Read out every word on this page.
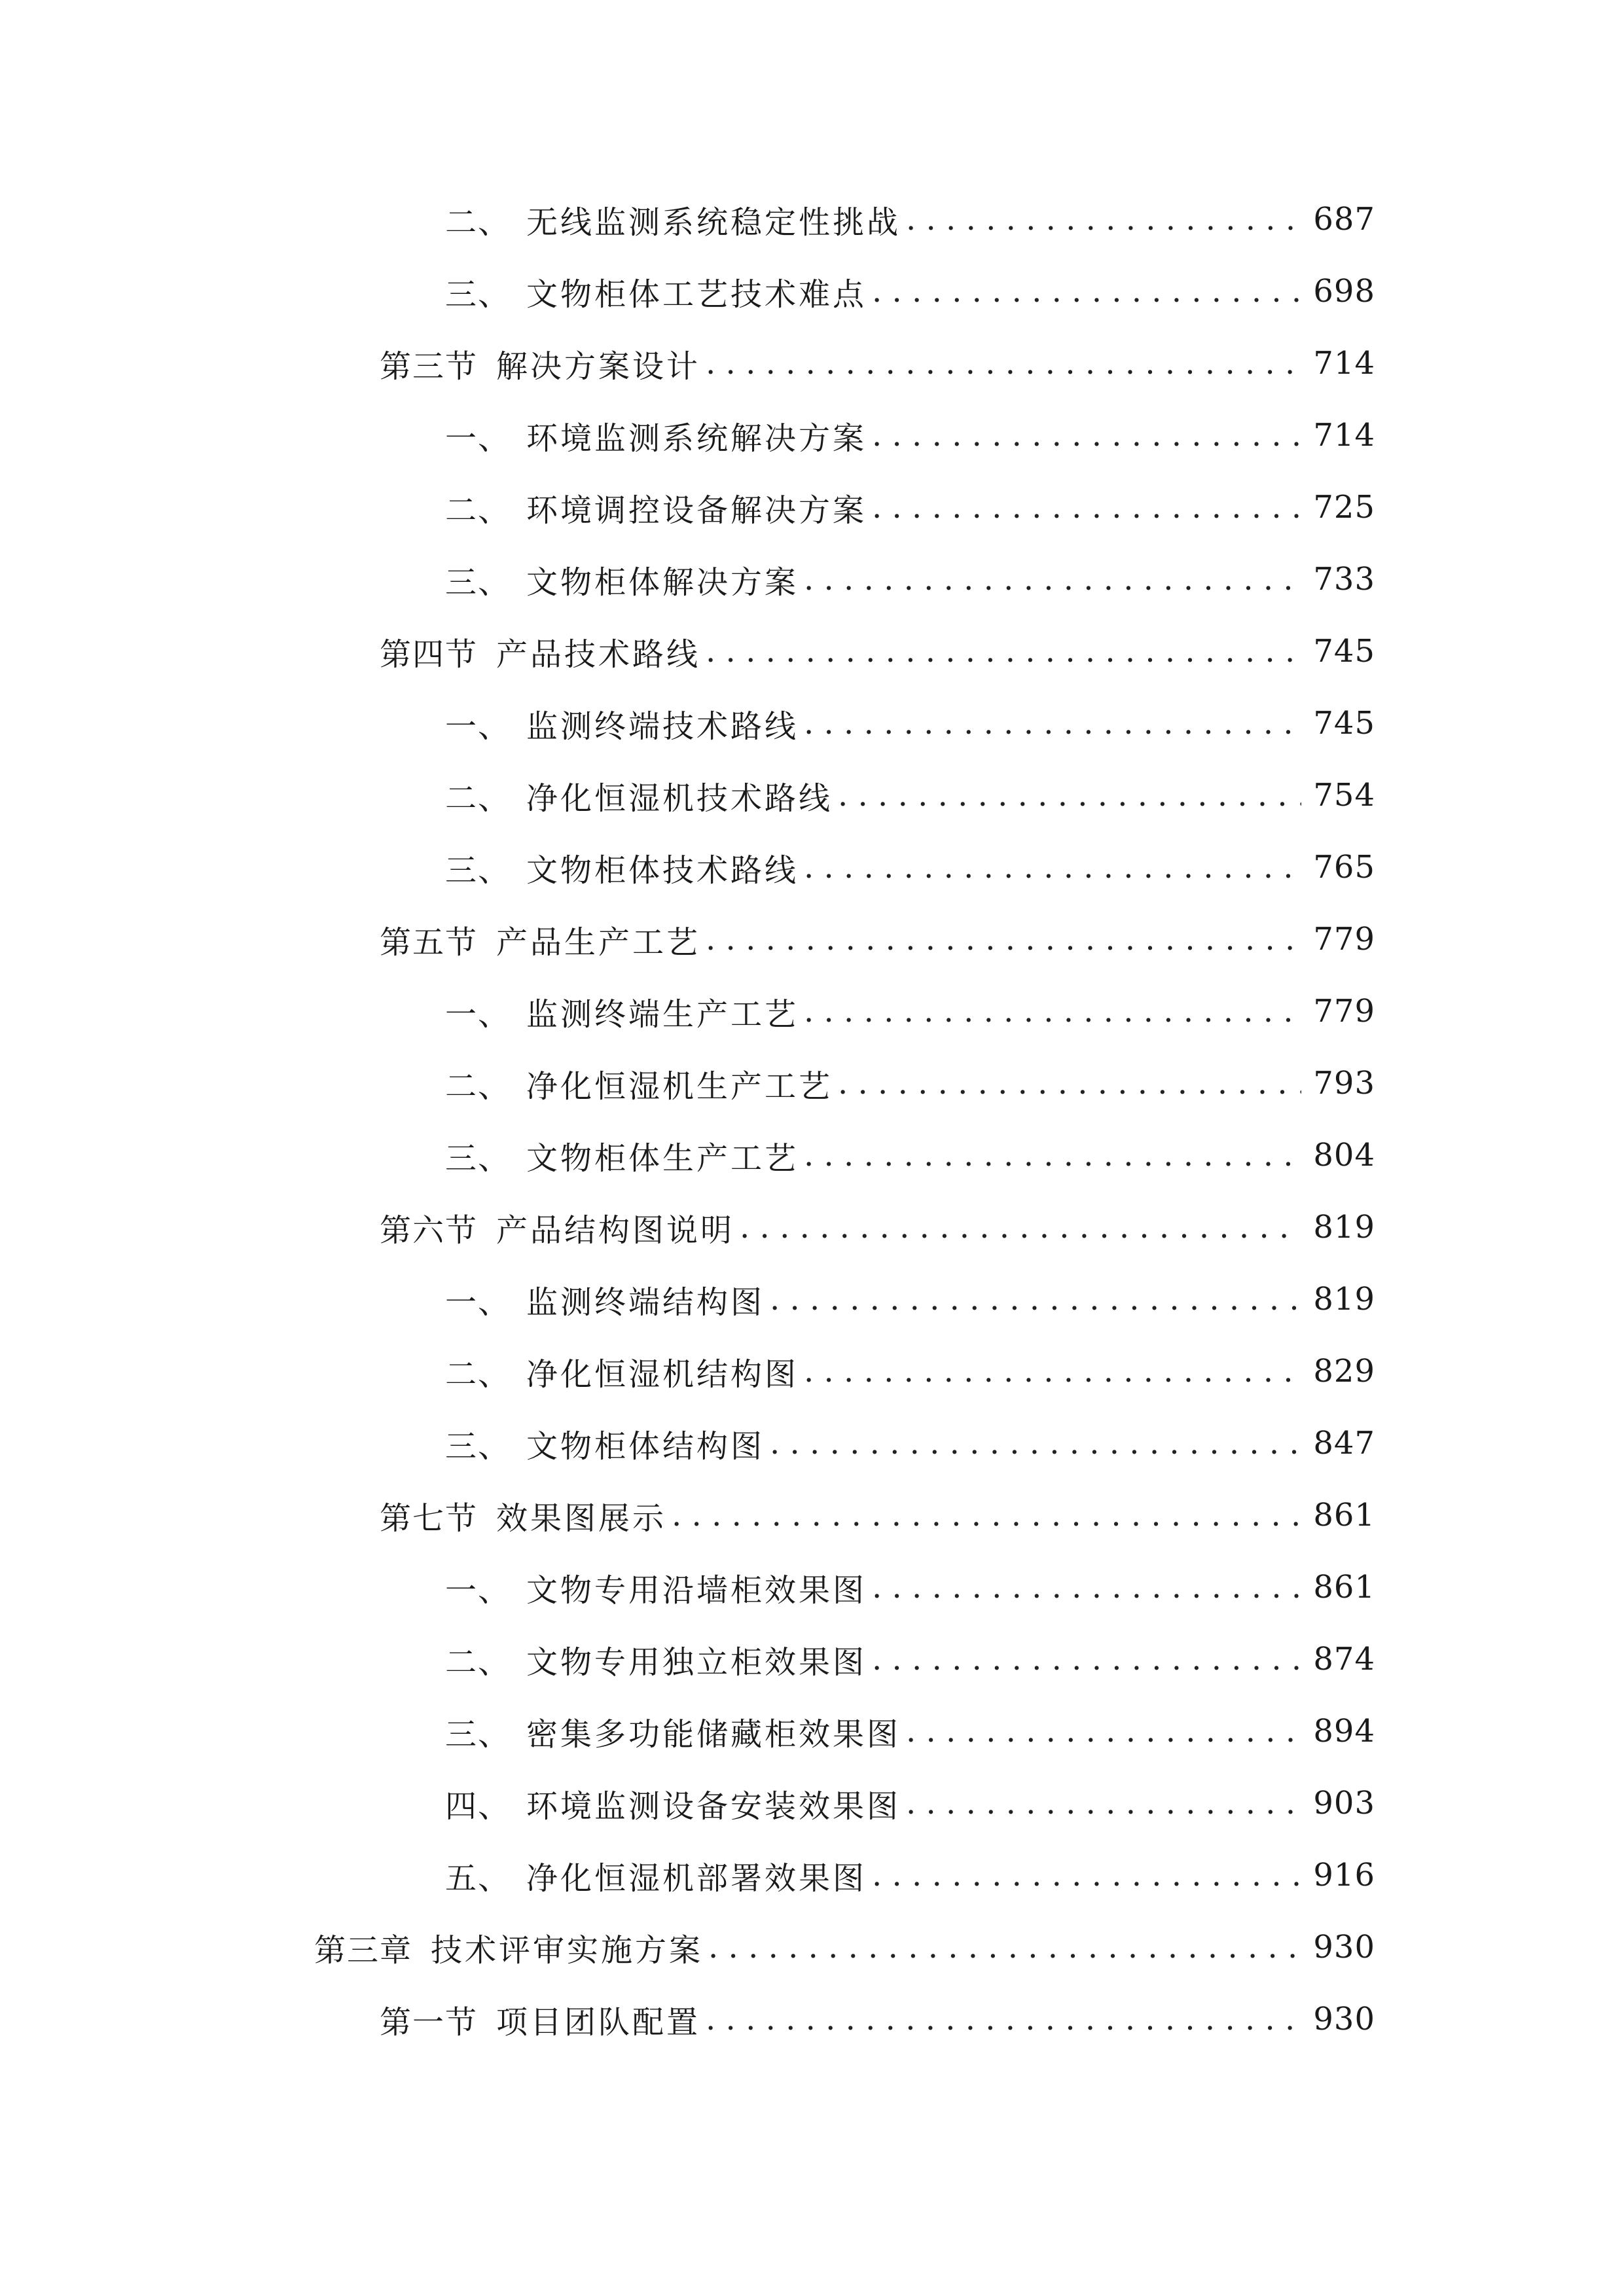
二、 无线监测系统稳定性挑战 . . .	687
三、 文物柜体工艺技术难点 . . .	698
第三节 解决方案设计 . . .	714
一、 环境监测系统解决方案 . . .	714
二、 环境调控设备解决方案 . . .	725
三、 文物柜体解决方案 . . .	733
第四节 产品技术路线 . . .	745
一、 监测终端技术路线 . . .	745
二、 净化恒湿机技术路线 . . .	754
三、 文物柜体技术路线 . . .	765
第五节 产品生产工艺 . . .	779
一、 监测终端生产工艺 . . .	779
二、 净化恒湿机生产工艺 . . .	793
三、 文物柜体生产工艺 . . .	804
第六节 产品结构图说明 . . .	819
一、 监测终端结构图 . . .	819
二、 净化恒湿机结构图 . . .	829
三、 文物柜体结构图 . . .	847
第七节 效果图展示 . . .	861
一、 文物专用沿墙柜效果图 . . .	861
二、 文物专用独立柜效果图 . . .	874
三、 密集多功能储藏柜效果图 . . .	894
四、 环境监测设备安装效果图 . . .	903
五、 净化恒湿机部署效果图 . . .	916
第三章 技术评审实施方案 . . .	930
第一节 项目团队配置 . . .	930
